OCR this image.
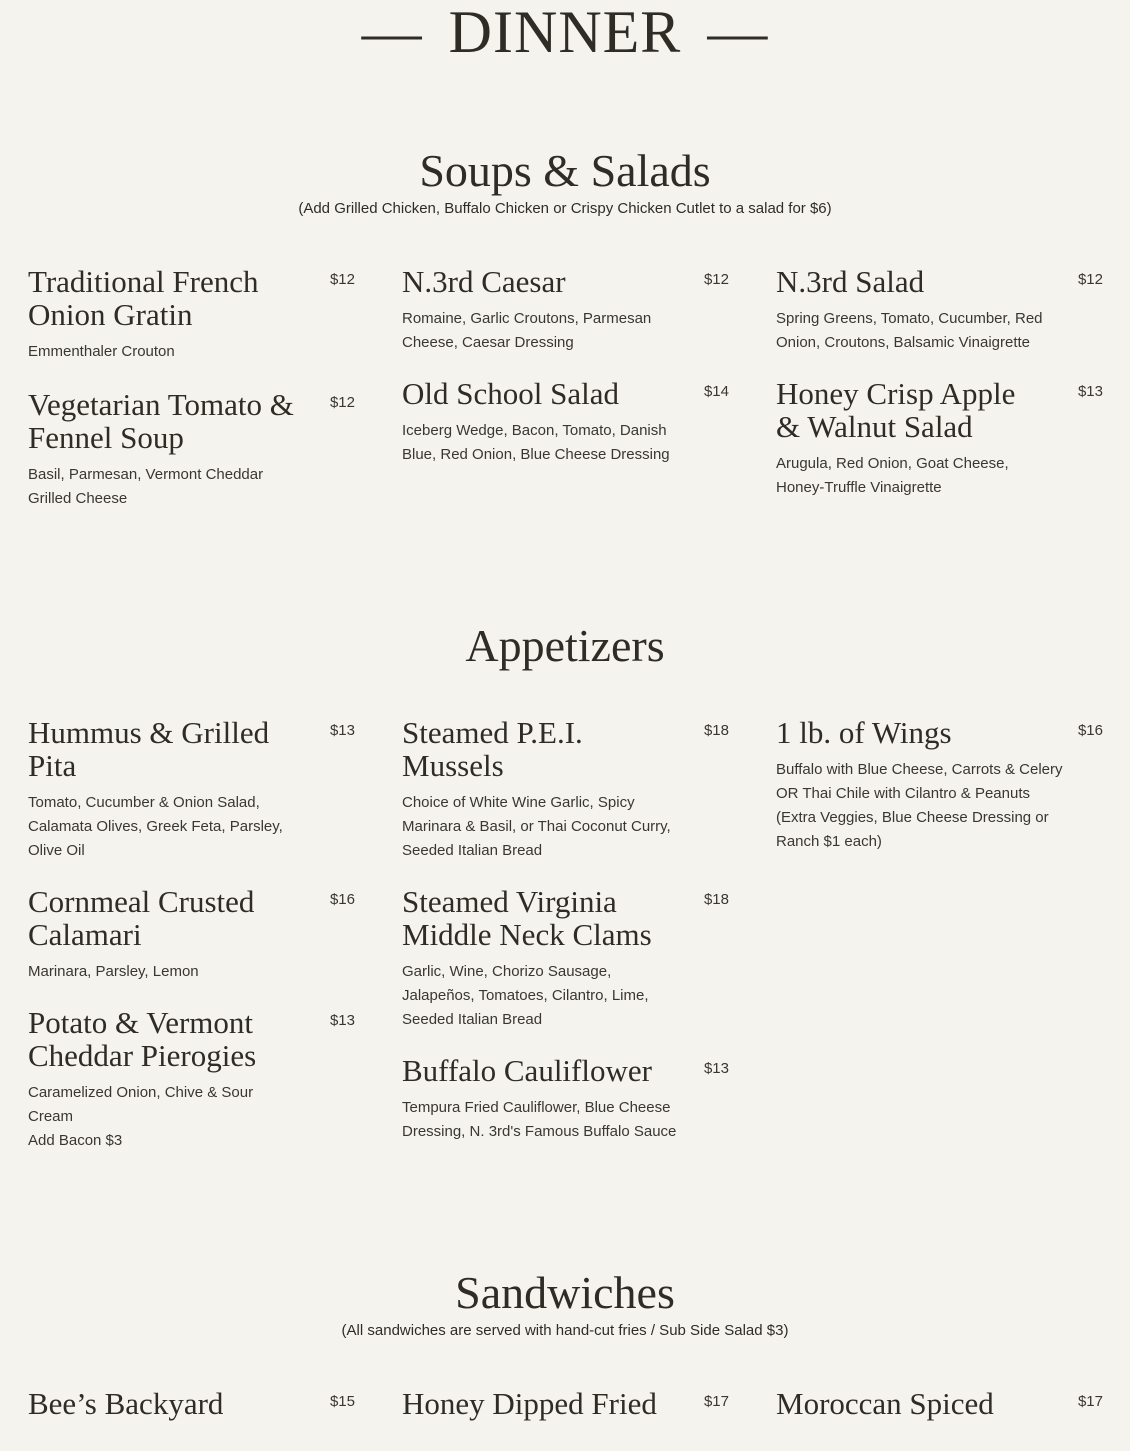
— DINNER —
Soups & Salads
(Add Grilled Chicken, Buffalo Chicken or Crispy Chicken Cutlet to a salad for $6)
Traditional French Onion Gratin
Emmenthaler Crouton
$12
Vegetarian Tomato & Fennel Soup
Basil, Parmesan, Vermont Cheddar Grilled Cheese
$12
N.3rd Caesar
Romaine, Garlic Croutons, Parmesan Cheese, Caesar Dressing
$12
Old School Salad
Iceberg Wedge, Bacon, Tomato, Danish Blue, Red Onion, Blue Cheese Dressing
$14
N.3rd Salad
Spring Greens, Tomato, Cucumber, Red Onion, Croutons, Balsamic Vinaigrette
$12
Honey Crisp Apple & Walnut Salad
Arugula, Red Onion, Goat Cheese, Honey-Truffle Vinaigrette
$13
Appetizers
Hummus & Grilled Pita
Tomato, Cucumber & Onion Salad, Calamata Olives, Greek Feta, Parsley, Olive Oil
$13
Cornmeal Crusted Calamari
Marinara, Parsley, Lemon
$16
Potato & Vermont Cheddar Pierogies
Caramelized Onion, Chive & Sour Cream
Add Bacon $3
$13
Steamed P.E.I. Mussels
Choice of White Wine Garlic, Spicy Marinara & Basil, or Thai Coconut Curry, Seeded Italian Bread
$18
Steamed Virginia Middle Neck Clams
Garlic, Wine, Chorizo Sausage, Jalapeños, Tomatoes, Cilantro, Lime, Seeded Italian Bread
$18
Buffalo Cauliflower
Tempura Fried Cauliflower, Blue Cheese Dressing, N. 3rd's Famous Buffalo Sauce
$13
1 lb. of Wings
Buffalo with Blue Cheese, Carrots & Celery OR Thai Chile with Cilantro & Peanuts
(Extra Veggies, Blue Cheese Dressing or Ranch $1 each)
$16
Sandwiches
(All sandwiches are served with hand-cut fries / Sub Side Salad $3)
Bee’s Backyard	$15 Honey Dipped Fried	$17 Moroccan Spiced	$17
